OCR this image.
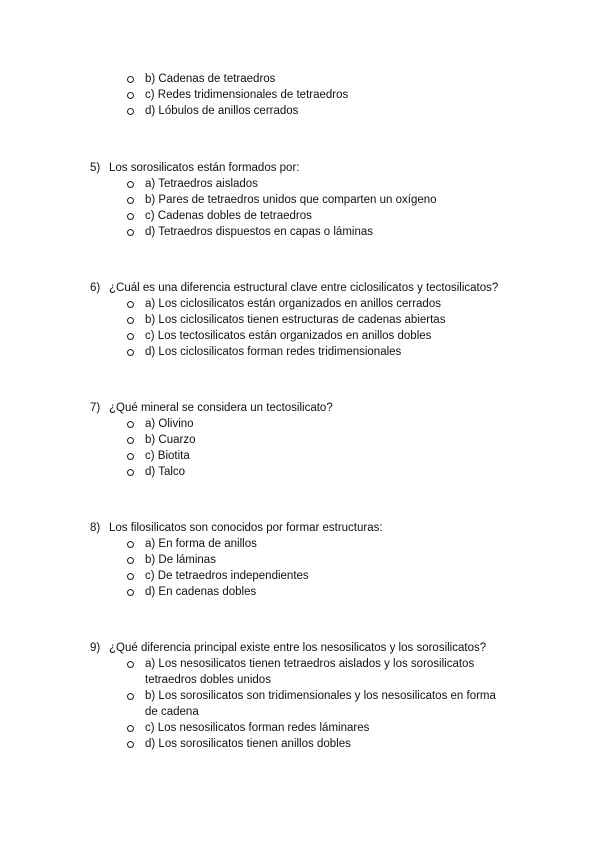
b) Cadenas de tetraedros
c) Redes tridimensionales de tetraedros
d) Lóbulos de anillos cerrados
5) Los sorosilicatos están formados por:
a) Tetraedros aislados
b) Pares de tetraedros unidos que comparten un oxígeno
c) Cadenas dobles de tetraedros
d) Tetraedros dispuestos en capas o láminas
6) ¿Cuál es una diferencia estructural clave entre ciclosilicatos y tectosilicatos?
a) Los ciclosilicatos están organizados en anillos cerrados
b) Los ciclosilicatos tienen estructuras de cadenas abiertas
c) Los tectosilicatos están organizados en anillos dobles
d) Los ciclosilicatos forman redes tridimensionales
7) ¿Qué mineral se considera un tectosilicato?
a) Olivino
b) Cuarzo
c) Biotita
d) Talco
8) Los filosilicatos son conocidos por formar estructuras:
a) En forma de anillos
b) De láminas
c) De tetraedros independientes
d) En cadenas dobles
9) ¿Qué diferencia principal existe entre los nesosilicatos y los sorosilicatos?
a) Los nesosilicatos tienen tetraedros aislados y los sorosilicatos
tetraedros dobles unidos
b) Los sorosilicatos son tridimensionales y los nesosilicatos en forma
de cadena
c) Los nesosilicatos forman redes láminares
d) Los sorosilicatos tienen anillos dobles
